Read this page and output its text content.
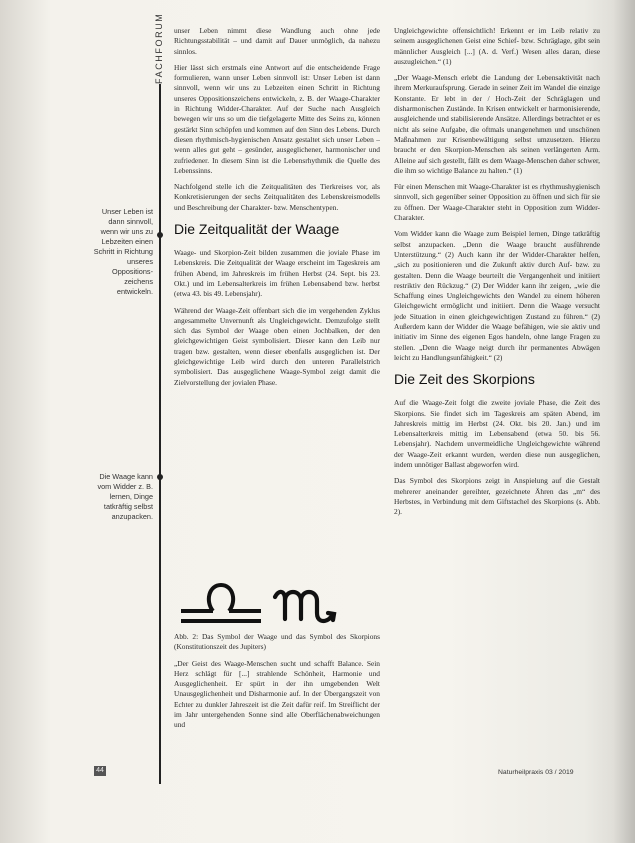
FACHFORUM
Unser Leben ist dann sinnvoll, wenn wir uns zu Lebzeiten einen Schritt in Richtung unseres Oppositions-zeichens entwickeln.
Die Waage kann vom Widder z. B. lernen, Dinge tatkräftig selbst anzupacken.

unser Leben nimmt diese Wandlung auch ohne jede Richtungsstabilität – und damit auf Dauer unmöglich, da nahezu sinnlos.

Hier lässt sich erstmals eine Antwort auf die entscheidende Frage formulieren, wann unser Leben sinnvoll ist: Unser Leben ist dann sinnvoll, wenn wir uns zu Lebzeiten einen Schritt in Richtung unseres Oppositionszeichens entwickeln, z. B. der Waage-Charakter in Richtung Widder-Charakter. Auf der Suche nach Ausgleich bewegen wir uns so um die tiefgelagerte Mitte des Seins zu, können gestärkt Sinn schöpfen und kommen auf den Sinn des Lebens. Durch diesen rhythmisch-hygienischen Ansatz gestaltet sich unser Leben – wenn alles gut geht – gesünder, ausgeglichener, harmonischer und zufriedener. In diesem Sinn ist die Lebensrhythmik die Quelle des Lebenssinns.

Nachfolgend stelle ich die Zeitqualitäten des Tierkreises vor, als Konkretisierungen der sechs Zeitqualitäten des Lebenskreismodells und Beschreibung der Charakter- bzw. Menschentypen.

Die Zeitqualität der Waage

Waage- und Skorpion-Zeit bilden zusammen die joviale Phase im Lebenskreis. Die Zeitqualität der Waage erscheint im Tageskreis am frühen Abend, im Jahreskreis im frühen Herbst (24. Sept. bis 23. Okt.) und im Lebensalterkreis im frühen Lebensabend bzw. herbst (etwa 43. bis 49. Lebensjahr).

Während der Waage-Zeit offenbart sich die im vergehenden Zyklus angesammelte Unvernunft als Ungleichgewicht. Demzufolge stellt sich das Symbol der Waage oben einen Jochbalken, der den gleichgewichtigen Geist symbolisiert. Dieser kann den Leib nur tragen bzw. gestalten, wenn dieser ebenfalls ausgeglichen ist. Der gleichgewichtige Leib wird durch den unteren Parallelstrich symbolisiert. Das ausgeglichene Waage-Symbol zeigt damit die Zielvorstellung der jovialen Phase.

Abb. 2: Das Symbol der Waage und das Symbol des Skorpions (Konstitutionszeit des Jupiters)

„Der Geist des Waage-Menschen sucht und schafft Balance. Sein Herz schlägt für [...] strahlende Schönheit, Harmonie und Ausgeglichenheit. Er spürt in der ihn umgebenden Welt Unausgeglichenheit und Disharmonie auf. In der Übergangszeit von Echter zu dunkler Jahreszeit ist die Zeit dafür reif. Im Streiflicht der im Jahr untergehenden Sonne sind alle Oberflächenabweichungen und

Ungleichgewichte offensichtlich! Erkennt er im Leib relativ zu seinem ausgeglichenen Geist eine Schief- bzw. Schräglage, gibt sein männlicher Ausgleich [...] (A. d. Verf.) Wesen alles daran, diese auszugleichen.“ (1)

„Der Waage-Mensch erlebt die Landung der Lebensaktivität nach ihrem Merkuraufsprung. Gerade in seiner Zeit im Wandel die einzige Konstante. Er lebt in der / Hoch-Zeit der Schräglagen und disharmonischen Zustände. In Krisen entwickelt er harmonisierende, ausgleichende und stabilisierende Ansätze. Allerdings betrachtet er es nicht als seine Aufgabe, die oftmals unangenehmen und unschönen Maßnahmen zur Krisenbewältigung selbst umzusetzen. Hierzu braucht er den Skorpion-Menschen als seinen verlängerten Arm. Alleine auf sich gestellt, fällt es dem Waage-Menschen daher schwer, die ihm so wichtige Balance zu halten.“ (1)

Für einen Menschen mit Waage-Charakter ist es rhythmushygienisch sinnvoll, sich gegenüber seiner Opposition zu öffnen und sich für sie zu öffnen. Der Waage-Charakter steht in Opposition zum Widder-Charakter.

Vom Widder kann die Waage zum Beispiel lernen, Dinge tatkräftig selbst anzupacken. „Denn die Waage braucht ausführende Unterstützung.“ (2) Auch kann ihr der Widder-Charakter helfen, „sich zu positionieren und die Zukunft aktiv durch Auf- bzw. zu gestalten. Denn die Waage beurteilt die Vergangenheit und initiiert restriktiv den Rückzug.“ (2) Der Widder kann ihr zeigen, „wie die Schaffung eines Ungleichgewichts den Wandel zu einem höheren Gleichgewicht ermöglicht und initiiert. Denn die Waage versucht jede Situation in einen gleichgewichtigen Zustand zu führen.“ (2) Außerdem kann der Widder die Waage befähigen, wie sie aktiv und initiativ im Sinne des eigenen Egos handeln, ohne lange Fragen zu stellen. „Denn die Waage neigt durch ihr permanentes Abwägen leicht zu Handlungsunfähigkeit.“ (2)

Die Zeit des Skorpions

Auf die Waage-Zeit folgt die zweite joviale Phase, die Zeit des Skorpions. Sie findet sich im Tageskreis am späten Abend, im Jahreskreis mittig im Herbst (24. Okt. bis 20. Jan.) und im Lebensalterkreis mittig im Lebensabend (etwa 50. bis 56. Lebensjahr). Nachdem unvermeidliche Ungleichgewichte während der Waage-Zeit erkannt wurden, werden diese nun ausgeglichen, indem unnötiger Ballast abgeworfen wird.

Das Symbol des Skorpions zeigt in Anspielung auf die Gestalt mehrerer aneinander gereihter, gezeichnete Ähren das „m“ des Herbstes, in Verbindung mit dem Giftstachel des Skorpions (s. Abb. 2).

44	Naturheilpraxis 03 / 2019
